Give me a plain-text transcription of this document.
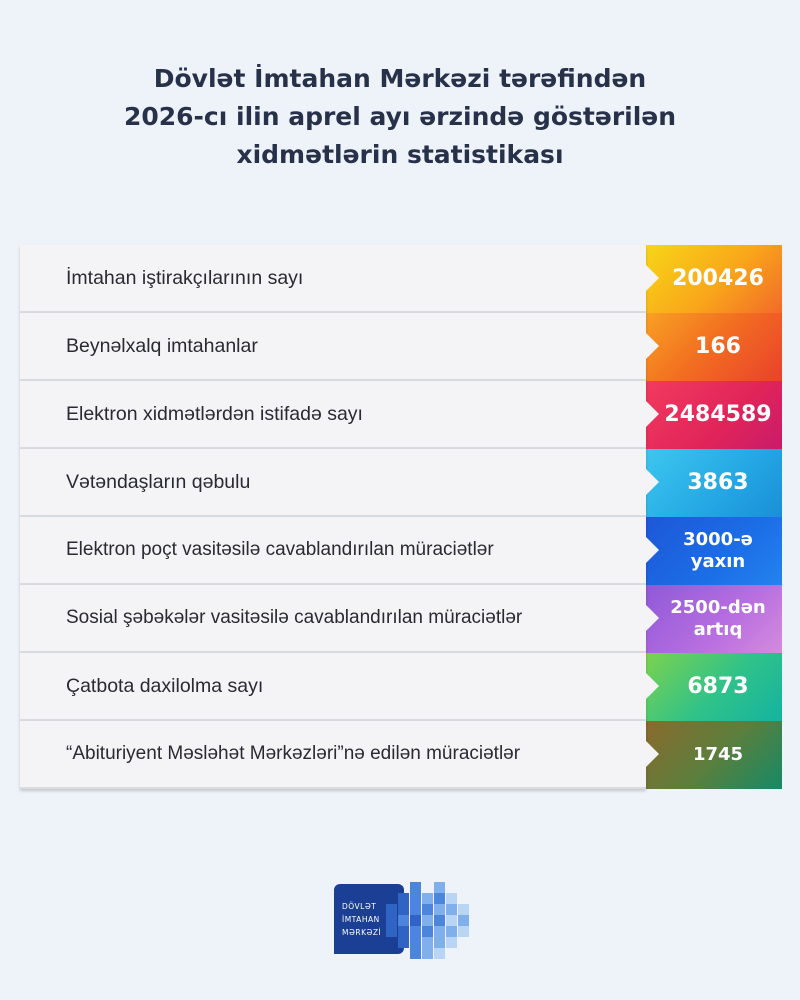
Dövlət İmtahan Mərkəzi tərəfindən
2026-cı ilin aprel ayı ərzində göstərilən
xidmətlərin statistikası
İmtahan iştirakçılarının sayı	200426
Beynəlxalq imtahanlar	166
Elektron xidmətlərdən istifadə sayı	2484589
Vətəndaşların qəbulu	3863
Elektron poçt vasitəsilə cavablandırılan müraciətlər	3000-ə
yaxın
Sosial şəbəkələr vasitəsilə cavablandırılan müraciətlər	2500-dən
artıq
Çatbota daxilolma sayı	6873
“Abituriyent Məsləhət Mərkəzləri”nə edilən müraciətlər	1745
DÖVLƏT
İMTAHAN
MƏRKƏZİ
